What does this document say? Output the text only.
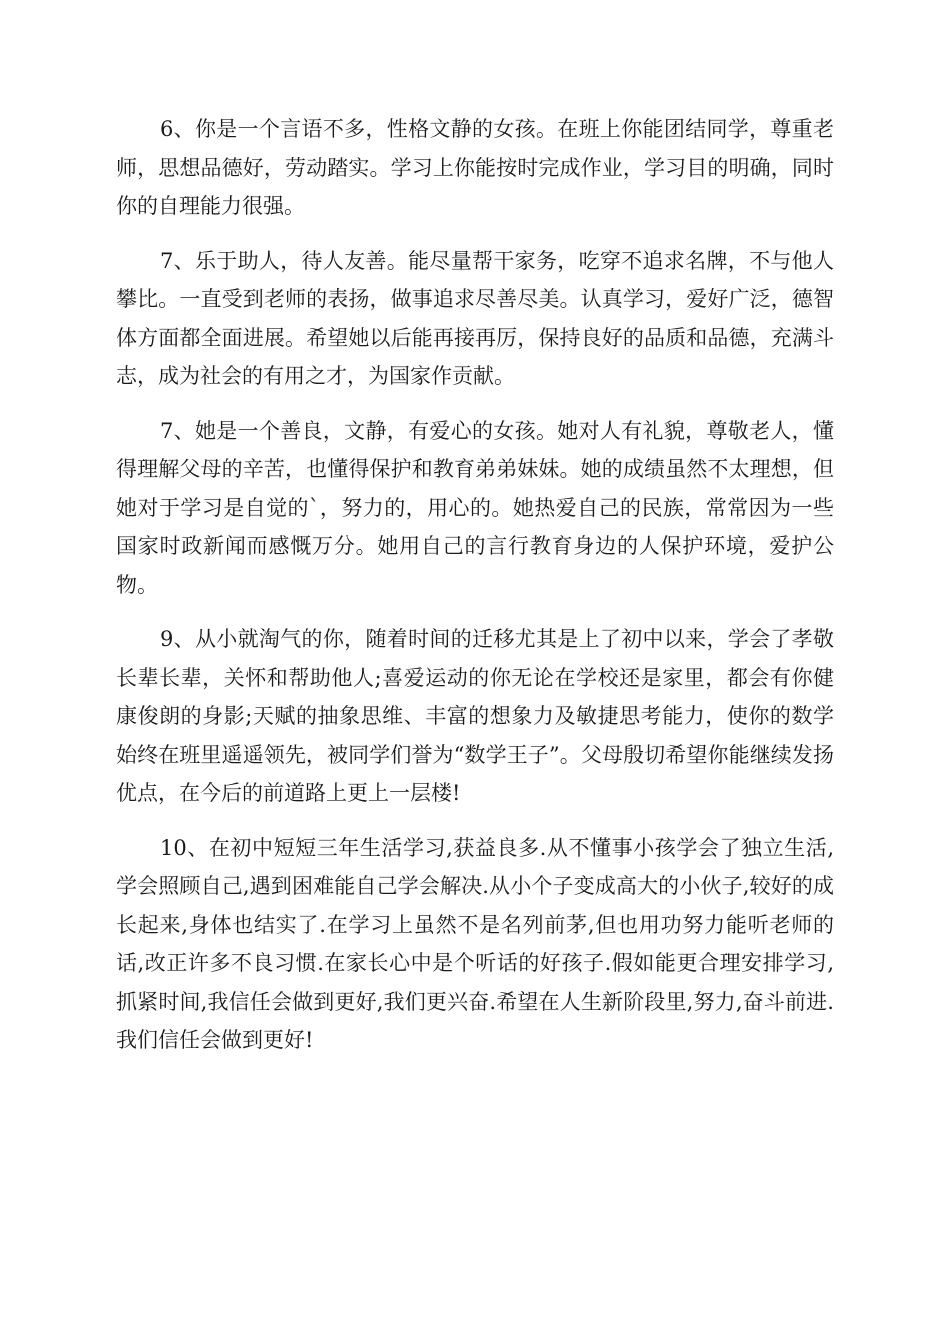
6、你是一个言语不多，性格文静的女孩。在班上你能团结同学，尊重老师，思想品德好，劳动踏实。学习上你能按时完成作业，学习目的明确，同时你的自理能力很强。

7、乐于助人，待人友善。能尽量帮干家务，吃穿不追求名牌，不与他人攀比。一直受到老师的表扬，做事追求尽善尽美。认真学习，爱好广泛，德智体方面都全面进展。希望她以后能再接再厉，保持良好的品质和品德，充满斗志，成为社会的有用之才，为国家作贡献。

7、她是一个善良，文静，有爱心的女孩。她对人有礼貌，尊敬老人，懂得理解父母的辛苦，也懂得保护和教育弟弟妹妹。她的成绩虽然不太理想，但她对于学习是自觉的`，努力的，用心的。她热爱自己的民族，常常因为一些国家时政新闻而感慨万分。她用自己的言行教育身边的人保护环境，爱护公物。

9、从小就淘气的你，随着时间的迁移尤其是上了初中以来，学会了孝敬长辈长辈，关怀和帮助他人;喜爱运动的你无论在学校还是家里，都会有你健康俊朗的身影;天赋的抽象思维、丰富的想象力及敏捷思考能力，使你的数学始终在班里遥遥领先，被同学们誉为“数学王子”。父母殷切希望你能继续发扬优点，在今后的前道路上更上一层楼!

10、在初中短短三年生活学习,获益良多.从不懂事小孩学会了独立生活,学会照顾自己,遇到困难能自己学会解决.从小个子变成高大的小伙子,较好的成长起来,身体也结实了.在学习上虽然不是名列前茅,但也用功努力能听老师的话,改正许多不良习惯.在家长心中是个听话的好孩子.假如能更合理安排学习,抓紧时间,我信任会做到更好,我们更兴奋.希望在人生新阶段里,努力,奋斗前进.我们信任会做到更好!
